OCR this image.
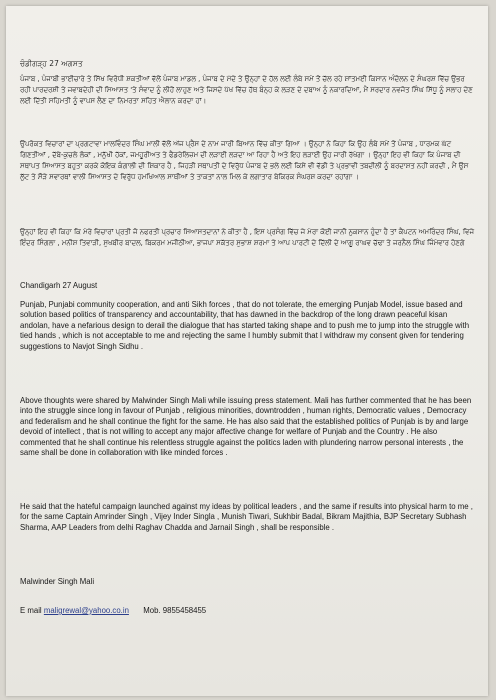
ਚੰਡੀਗੜ੍ਹ 27 ਅਗਸਤ

ਪੰਜਾਬ , ਪੰਜਾਬੀ ਭਾਈਚਾਰੇ ਤੇ ਸਿੱਖ ਵਿਰੋਧੀ ਸ਼ਕਤੀਆਂ ਵੱਲੋਂ ਪੰਜਾਬ ਮਾਡਲ , ਪੰਜਾਬ ਦੇ ਮੱਦੇ ਤੇ ਉਨ੍ਹਾਂ ਦੇ ਹੱਲ ਲਈ ਲੰਬੇ ਸਮੇਂ ਤੋਂ ਚੱਲ ਰਹੇ ਸ਼ਾਂਤਮਈ ਕਿਸਾਨ ਅੰਦੋਲਨ ਦੇ ਸੰਘਰਸ਼ ਵਿੱਚ ਉਭਰ ਰਹੀ ਪਾਰਦਰਸ਼ੀ ਤੇ ਜਵਾਬਦੇਹੀ ਦੀ ਸਿਆਸਤ 'ਤੇ ਸੰਵਾਦ ਨੂੰ ਲੀਹੋਂ ਲਾਹੁਣ ਅਤੇ ਜਿਸਦੇ ਪੱਖ ਵਿੱਚ ਹੱਥ ਬੰਨ੍ਹ ਕੇ ਲੜਣ ਦੇ ਦਬਾਅ ਨੂੰ ਨਕਾਰਦਿਆਂ, ਮੈਂ ਸਰਦਾਰ ਨਵਜੋਤ ਸਿੰਘ ਸਿੱਧੂ ਨੂੰ ਸਲਾਹ ਦੇਣ ਲਈ ਦਿੱਤੀ ਸਹਿਮਤੀ ਨੂੰ ਵਾਪਸ ਲੈਣ ਦਾ ਨਿਮਰਤਾ ਸਹਿਤ ਐਲਾਨ ਕਰਦਾ ਹਾਂ।

ਉਪਰੋਕਤ ਵਿਚਾਰਾਂ ਦਾ ਪ੍ਰਗਟਾਵਾ ਮਾਲਵਿੰਦਰ ਸਿੰਘ ਮਾਲੀ ਵੱਲੋਂ ਅੱਜ ਪ੍ਰੈਸ ਦੇ ਨਾਮ ਜਾਰੀ ਬਿਆਨ ਵਿੱਚ ਕੀਤਾ ਗਿਆ । ਉਨ੍ਹਾਂ ਨੇ ਕਿਹਾ ਕਿ ਉਹ ਲੰਬੇ ਸਮੇਂ ਤੋਂ ਪੰਜਾਬ , ਧਾਰਮਕ ਘੱਟ ਗਿਣਤੀਆਂ , ਦੱਬੇ-ਕੁਚਲੇ ਲੋਕਾਂ , ਮਨੁੱਖੀ ਹੱਕਾਂ, ਜਮਹੂਰੀਅਤ ਤੇ ਫੈਡਰੇਲਿਜ਼ਮ ਦੀ ਲੜਾਈ ਲੜਦਾ ਆ ਰਿਹਾ ਹੈ ਅਤੇ ਇਹ ਲੜਾਈ ਉਹ ਜਾਰੀ ਰੱਖੇਗਾ । ਉਨ੍ਹਾਂ ਇਹ ਵੀ ਕਿਹਾ ਕਿ ਪੰਜਾਬ ਦੀ ਸਥਾਪਤ ਸਿਆਸਤ ਬਹੁਤਾ ਕਰਕੇ ਕੋਇਕ ਕੰਗਾਲੀ ਦੀ ਸ਼ਿਕਾਰ ਹੈ , ਜਿਹੜੀ ਸਥਾਪਤੀ ਦੇ ਵਿਰੁੱਧ ਪੰਜਾਬ ਦੇ ਭਲੇ ਲਈ ਕਿਸੇ ਵੀ ਵੱਡੀ ਤੇ ਪ੍ਰਭਾਵੀ ਤਬਦੀਲੀ ਨੂੰ ਬਰਦਾਸ਼ਤ ਨਹੀਂ ਕਰਦੀ , ਮੈਂ ਉਸ ਲੁੱਟ ਤੇ ਸੌੜੇ ਸਵਾਰਥਾਂ ਵਾਲੀ ਸਿਆਸਤ ਦੇ ਵਿਰੁੱਧ ਹਮਖਿਆਲ ਸਾਥੀਆਂ ਤੇ ਤਾਕਤਾਂ ਨਾਲ ਮਿਲ ਕੇ ਲਗਾਤਾਰ ਬੇਕਿਰਕ ਸੰਘਰਸ਼ ਕਰਦਾ ਰਹਾਂਗਾ ।

ਉਨ੍ਹਾਂ ਇਹ ਵੀ ਕਿਹਾ ਕਿ ਮੇਰੇ ਵਿਚਾਰਾਂ ਪ੍ਰਤੀ ਜੋ ਨਫਰਤੀ ਪ੍ਰਚਾਰ ਸਿਆਸਤਦਾਨਾਂ ਨੇ ਕੀਤਾ ਹੈ , ਇਸ ਪ੍ਰਸੰਗ ਵਿੱਚ ਜੇ ਮੇਰਾ ਕੋਈ ਜਾਨੀ ਨੁਕਸਾਨ ਹੁੰਦਾ ਹੈ ਤਾਂ ਕੈਪਟਨ ਅਮਰਿੰਦਰ ਸਿੰਘ, ਵਿਜੇ ਇੰਦਰ ਸਿੰਗਲਾ , ਮਨੀਸ਼ ਤਿਵਾੜੀ, ਸੁਖਬੀਰ ਬਾਦਲ, ਬਿਕਰਮ ਮਜੀਠੀਆ, ਭਾਜਪਾ ਸਕੱਤਰ ਸੁਭਾਸ਼ ਸ਼ਰਮਾ ਤੇ ਆਪ ਪਾਰਟੀ ਦੇ ਦਿੱਲੀ ਦੇ ਆਗੂ ਰਾਘਵ ਚੱਢਾ ਤੇ ਜਰਨੈਲ ਸਿੰਘ ਜਿੰਮੇਵਾਰ ਹੋਣਗੇ

Chandigarh 27 August

Punjab, Punjabi community cooperation, and anti Sikh forces , that do not tolerate, the emerging Punjab Model, issue based and solution based politics of transparency and accountability, that has dawned in the backdrop of the long drawn peaceful kisan andolan, have a nefarious design to derail the dialogue that has started taking shape and to push me to jump into the struggle with tied hands , which is not acceptable to me and rejecting the same I humbly submit that I withdraw my consent given for tendering suggestions to Navjot Singh Sidhu .

Above thoughts were shared by Malwinder Singh Mali while issuing press statement. Mali has further commented that he has been into the struggle since long in favour of Punjab , religious minorities, downtrodden , human rights, Democratic values , Democracy and federalism and he shall continue the fight for the same. He has also said that the established politics of Punjab is by and large devoid of intellect , that is not willing to accept any major affective change for welfare of Punjab and the Country . He also commented that he shall continue his relentless struggle against the politics laden with plundering narrow personal interests , the same shall be done in collaboration with like minded forces .

He said that the hateful campaign launched against my ideas by political leaders , and the same if results into physical harm to me , for the same Captain Amrinder Singh , Vijey Inder Singla , Munish Tiwari, Sukhbir Badal, Bikram Majithia, BJP Secretary Subhash Sharma, AAP Leaders from delhi Raghav Chadda and Jarnail Singh , shall be responsible .

Malwinder Singh Mali

E mail maligrewal@yahoo.co.in Mob. 9855458455
